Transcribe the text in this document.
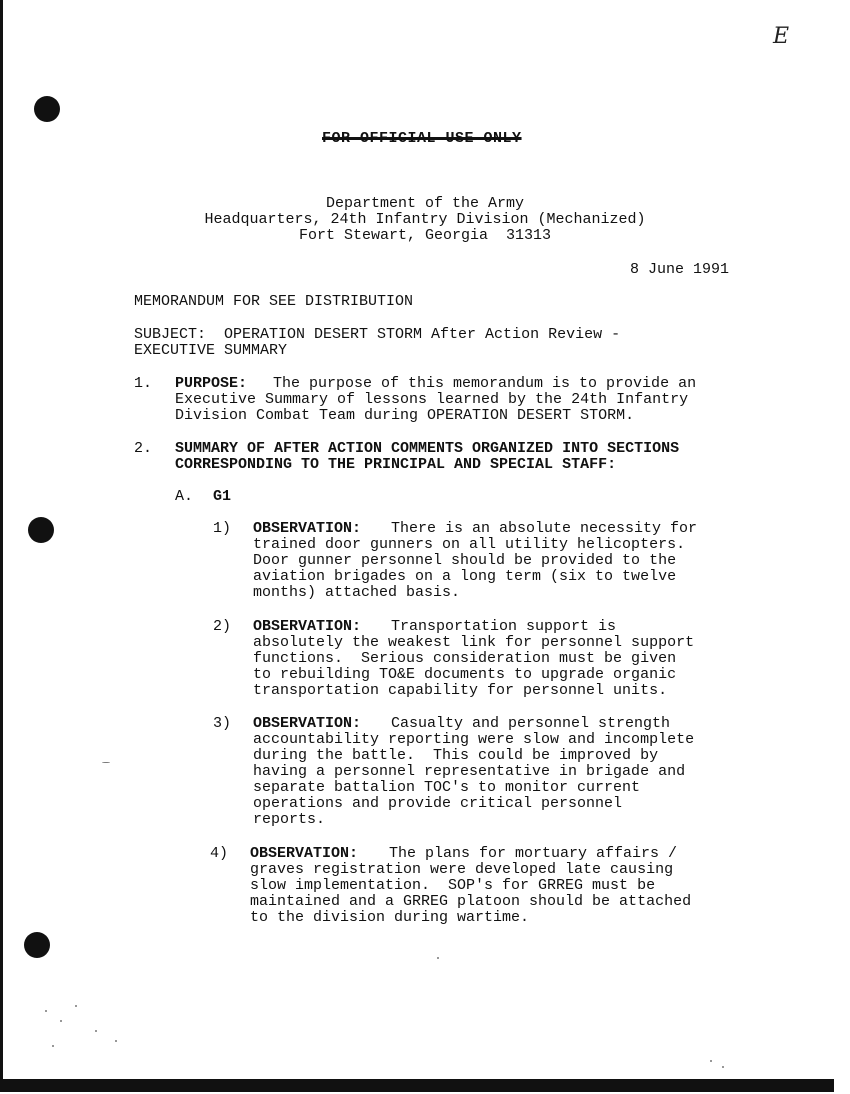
E
FOR OFFICIAL USE ONLY
Department of the Army
Headquarters, 24th Infantry Division (Mechanized)
Fort Stewart, Georgia  31313
8 June 1991
MEMORANDUM FOR SEE DISTRIBUTION
SUBJECT:  OPERATION DESERT STORM After Action Review -
EXECUTIVE SUMMARY
1. PURPOSE: The purpose of this memorandum is to provide an
Executive Summary of lessons learned by the 24th Infantry
Division Combat Team during OPERATION DESERT STORM.
2. SUMMARY OF AFTER ACTION COMMENTS ORGANIZED INTO SECTIONS
CORRESPONDING TO THE PRINCIPAL AND SPECIAL STAFF:
A. G1
1) OBSERVATION: There is an absolute necessity for
trained door gunners on all utility helicopters.
Door gunner personnel should be provided to the
aviation brigades on a long term (six to twelve
months) attached basis.
2) OBSERVATION: Transportation support is
absolutely the weakest link for personnel support
functions.  Serious consideration must be given
to rebuilding TO&E documents to upgrade organic
transportation capability for personnel units.
3) OBSERVATION: Casualty and personnel strength
accountability reporting were slow and incomplete
during the battle.  This could be improved by
having a personnel representative in brigade and
separate battalion TOC's to monitor current
operations and provide critical personnel
reports.
4) OBSERVATION: The plans for mortuary affairs /
graves registration were developed late causing
slow implementation.  SOP's for GRREG must be
maintained and a GRREG platoon should be attached
to the division during wartime.
